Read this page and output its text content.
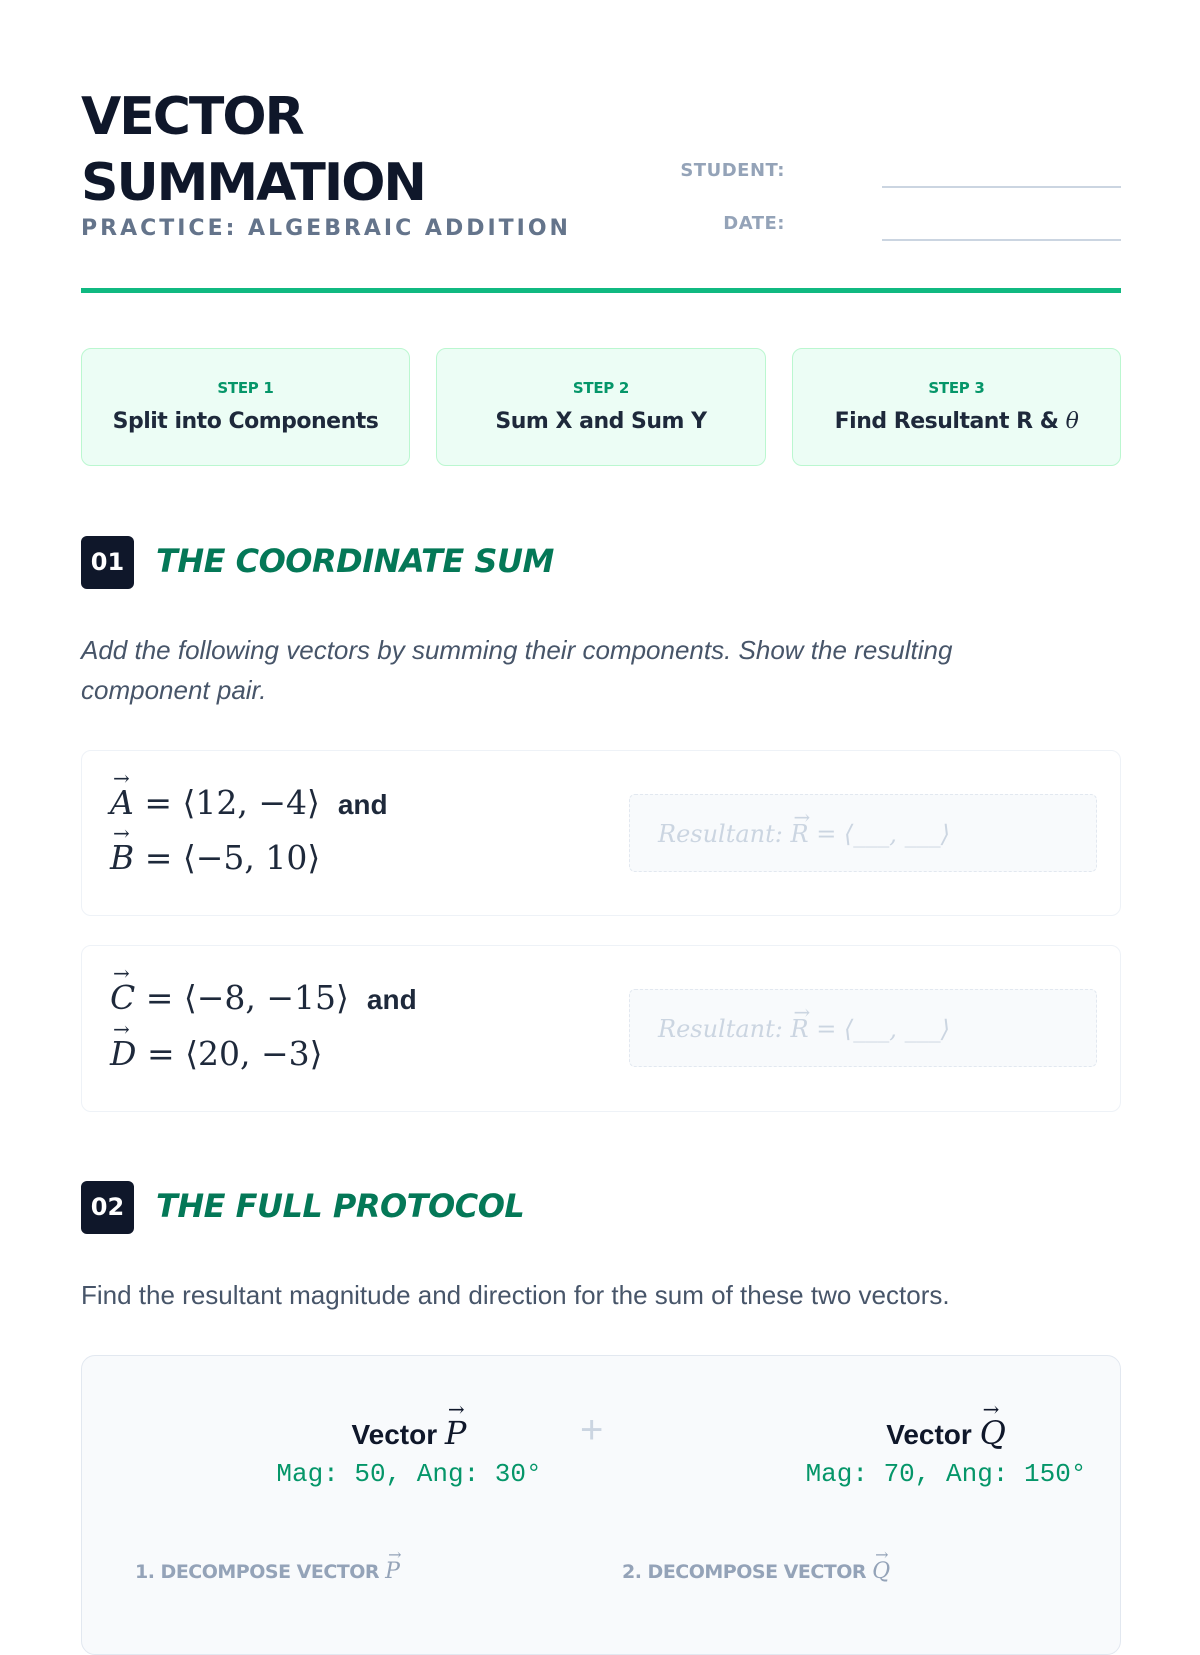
VECTOR
SUMMATION
PRACTICE: ALGEBRAIC ADDITION
STUDENT:
DATE:
STEP 1
Split into Components
STEP 2
Sum X and Sum Y
STEP 3
Find Resultant R & θ
01 THE COORDINATE SUM
Add the following vectors by summing their components. Show the resulting component pair.
→ A = ⟨12, −4⟩ and
→ B = ⟨−5, 10⟩
Resultant: → R = ⟨___, ___⟩
→ C = ⟨−8, −15⟩ and
→ D = ⟨20, −3⟩
Resultant: → R = ⟨___, ___⟩
02 THE FULL PROTOCOL
Find the resultant magnitude and direction for the sum of these two vectors.
Vector → P
Mag: 50, Ang: 30°
+	Vector → Q
Mag: 70, Ang: 150°
1. DECOMPOSE VECTOR → P	2. DECOMPOSE VECTOR → Q
